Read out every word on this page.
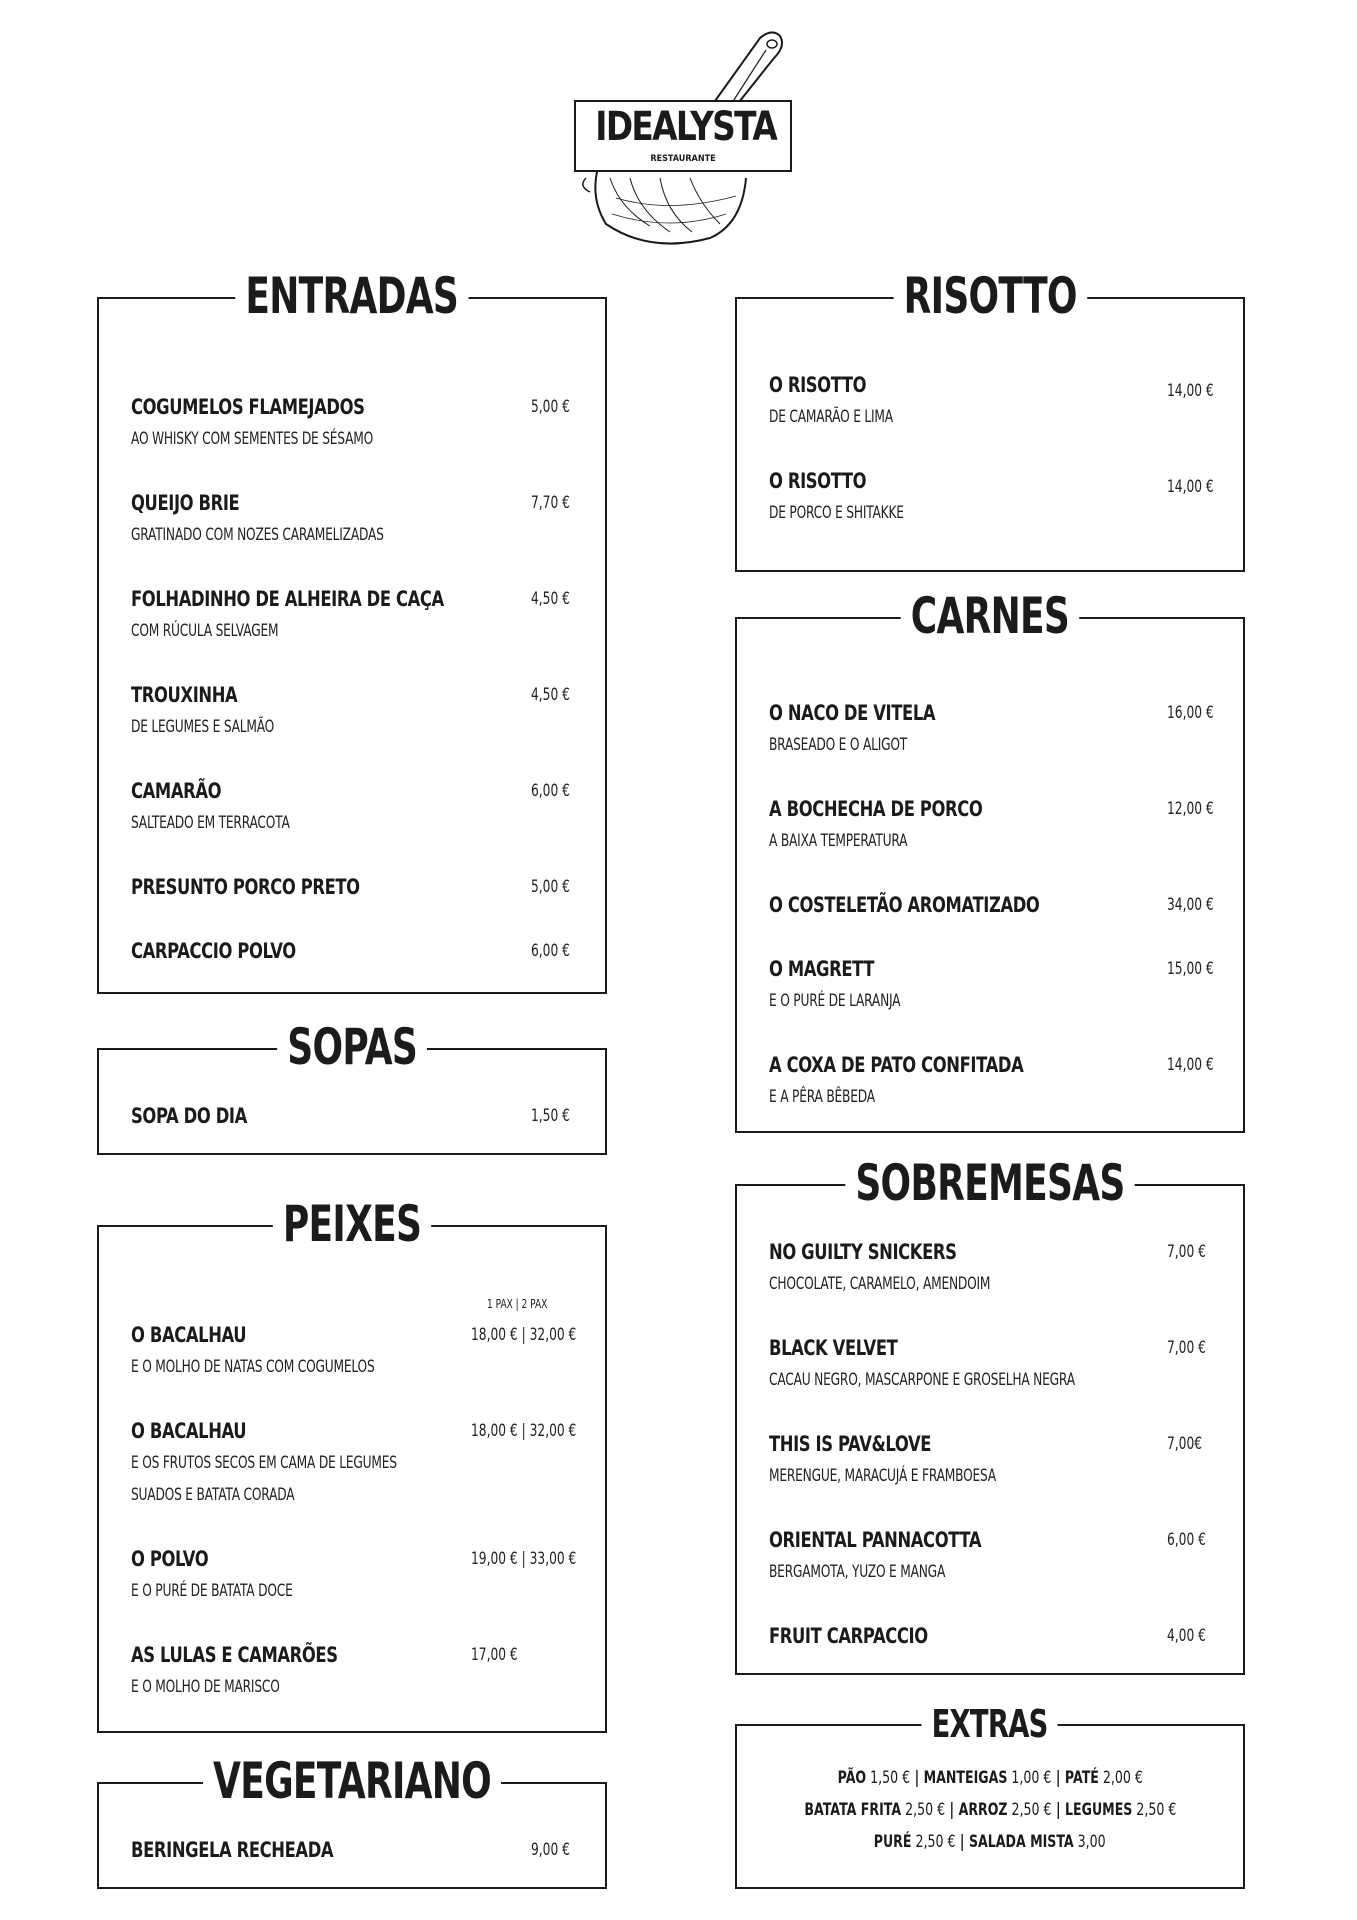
IDEALYSTA
RESTAURANTE
ENTRADAS
COGUMELOS FLAMEJADOS
AO WHISKY COM SEMENTES DE SÉSAMO
5,00 €
QUEIJO BRIE
GRATINADO COM NOZES CARAMELIZADAS
7,70 €
FOLHADINHO DE ALHEIRA DE CAÇA
COM RÚCULA SELVAGEM
4,50 €
TROUXINHA
DE LEGUMES E SALMÃO
4,50 €
CAMARÃO
SALTEADO EM TERRACOTA
6,00 €
PRESUNTO PORCO PRETO	5,00 €
CARPACCIO POLVO	6,00 €
SOPAS
SOPA DO DIA	1,50 €
PEIXES
1 PAX | 2 PAX
O BACALHAU
E O MOLHO DE NATAS COM COGUMELOS
18,00 € | 32,00 €
O BACALHAU
E OS FRUTOS SECOS EM CAMA DE LEGUMES
SUADOS E BATATA CORADA
18,00 € | 32,00 €
O POLVO
E O PURÉ DE BATATA DOCE
19,00 € | 33,00 €
AS LULAS E CAMARÕES
E O MOLHO DE MARISCO
17,00 €
VEGETARIANO
BERINGELA RECHEADA	9,00 €
RISOTTO
O RISOTTO
DE CAMARÃO E LIMA
14,00 €
O RISOTTO
DE PORCO E SHITAKKE
14,00 €
CARNES
O NACO DE VITELA
BRASEADO E O ALIGOT
16,00 €
A BOCHECHA DE PORCO
A BAIXA TEMPERATURA
12,00 €
O COSTELETÃO AROMATIZADO	34,00 €
O MAGRETT
E O PURÉ DE LARANJA
15,00 €
A COXA DE PATO CONFITADA
E A PÊRA BÊBEDA
14,00 €
SOBREMESAS
NO GUILTY SNICKERS
CHOCOLATE, CARAMELO, AMENDOIM
7,00 €
BLACK VELVET
CACAU NEGRO, MASCARPONE E GROSELHA NEGRA
7,00 €
THIS IS PAV&LOVE
MERENGUE, MARACUJÁ E FRAMBOESA
7,00€
ORIENTAL PANNACOTTA
BERGAMOTA, YUZO E MANGA
6,00 €
FRUIT CARPACCIO	4,00 €
EXTRAS
PÃO 1,50 € | MANTEIGAS 1,00 € | PATÉ 2,00 €
BATATA FRITA 2,50 € | ARROZ 2,50 € | LEGUMES 2,50 €
PURÉ 2,50 € | SALADA MISTA 3,00
